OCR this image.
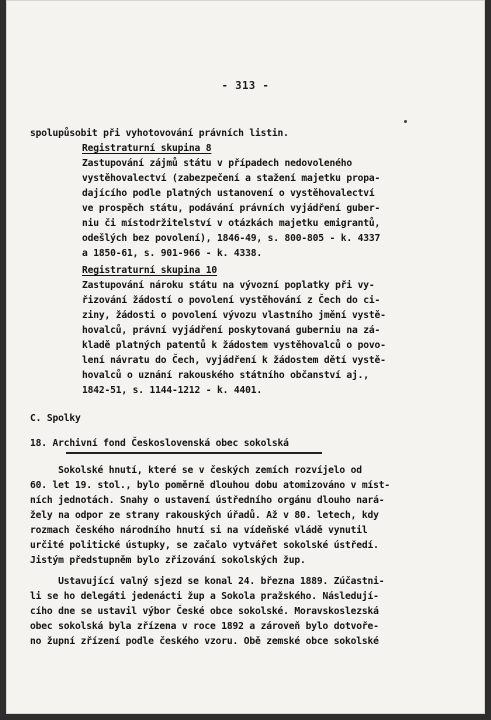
- 313 -
spolupůsobit při vyhotovování právních listin.
Registraturní skupina 8
Zastupování zájmů státu v případech nedovoleného
vystěhovalectví (zabezpečení a stažení majetku propa-
dajícího podle platných ustanovení o vystěhovalectví
ve prospěch státu, podávání právních vyjádření guber-
niu či místodržitelství v otázkách majetku emigrantů,
odešlých bez povolení), 1846-49, s. 800-805 - k. 4337
a 1850-61, s. 901-966 - k. 4338.
Registraturní skupina 10
Zastupování nároku státu na vývozní poplatky při vy-
řizování žádostí o povolení vystěhování z Čech do ci-
ziny, žádosti o povolení vývozu vlastního jmění vystě-
hovalců, právní vyjádření poskytovaná guberniu na zá-
kladě platných patentů k žádostem vystěhovalců o povo-
lení návratu do Čech, vyjádření k žádostem dětí vystě-
hovalců o uznání rakouského státního občanství aj.,
1842-51, s. 1144-1212 - k. 4401.
C. Spolky
18. Archivní fond Československá obec sokolská
Sokolské hnutí, které se v českých zemích rozvíjelo od
60. let 19. stol., bylo poměrně dlouhou dobu atomizováno v míst-
ních jednotách. Snahy o ustavení ústředního orgánu dlouho nará-
žely na odpor ze strany rakouských úřadů. Až v 80. letech, kdy
rozmach českého národního hnutí si na vídeňské vládě vynutil
určité politické ústupky, se začalo vytvářet sokolské ústředí.
Jistým předstupněm bylo zřizování sokolských žup.
Ustavující valný sjezd se konal 24. března 1889. Zúčastni-
li se ho delegáti jedenácti žup a Sokola pražského. Následují-
cího dne se ustavil výbor České obce sokolské. Moravskoslezská
obec sokolská byla zřízena v roce 1892 a zároveň bylo dotvoře-
no župní zřízení podle českého vzoru. Obě zemské obce sokolské
